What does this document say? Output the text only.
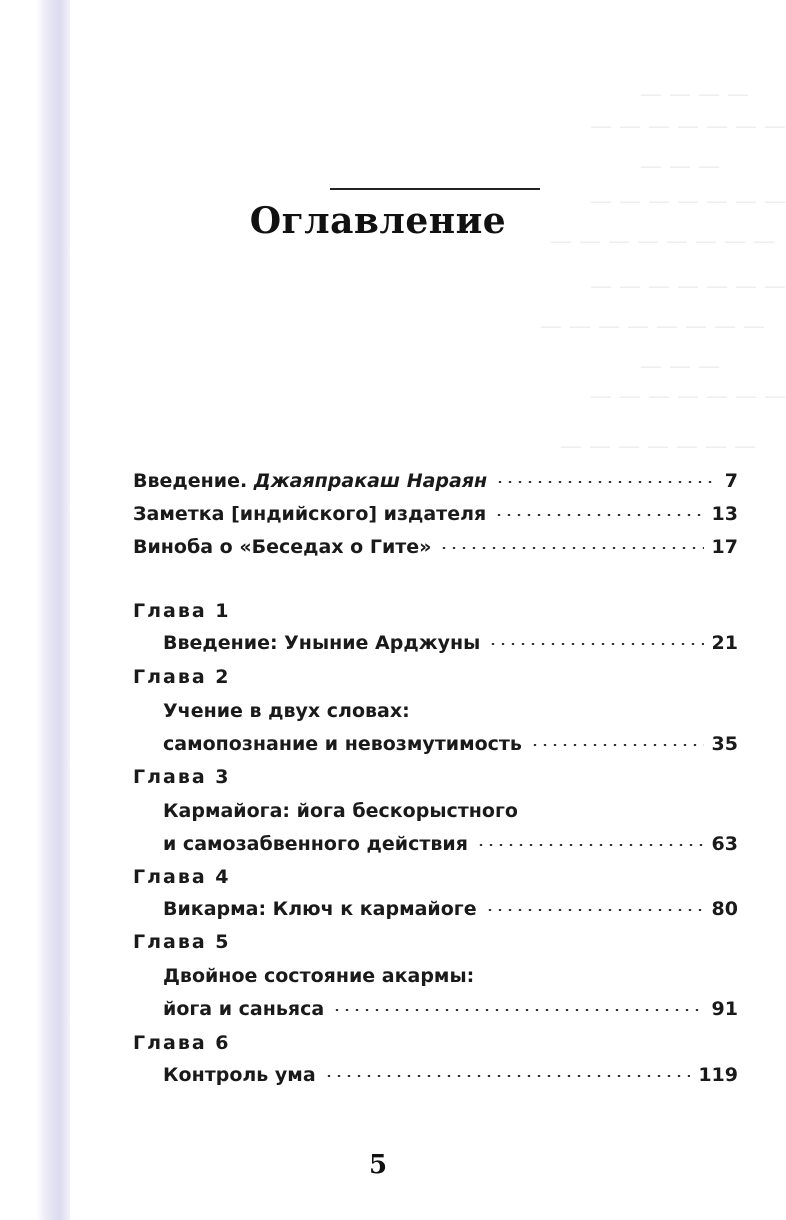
— — — —
— — — — — — —
— — —
— — — — — — —
— — — — — — — —
— — — — — — —
— — — — — — — —
— — —
— — — — — — —
— — — — — — —
Оглавление
Введение. Джаяпракаш Нараян	7
Заметка [индийского] издателя	13
Виноба о «Беседах о Гите»	17
Глава 1
Введение: Уныние Арджуны	21
Глава 2
Учение в двух словах:
самопознание и невозмутимость	35
Глава 3
Кармайога: йога бескорыстного
и самозабвенного действия	63
Глава 4
Викарма: Ключ к кармайоге	80
Глава 5
Двойное состояние акармы:
йога и саньяса	91
Глава 6
Контроль ума	119
5
